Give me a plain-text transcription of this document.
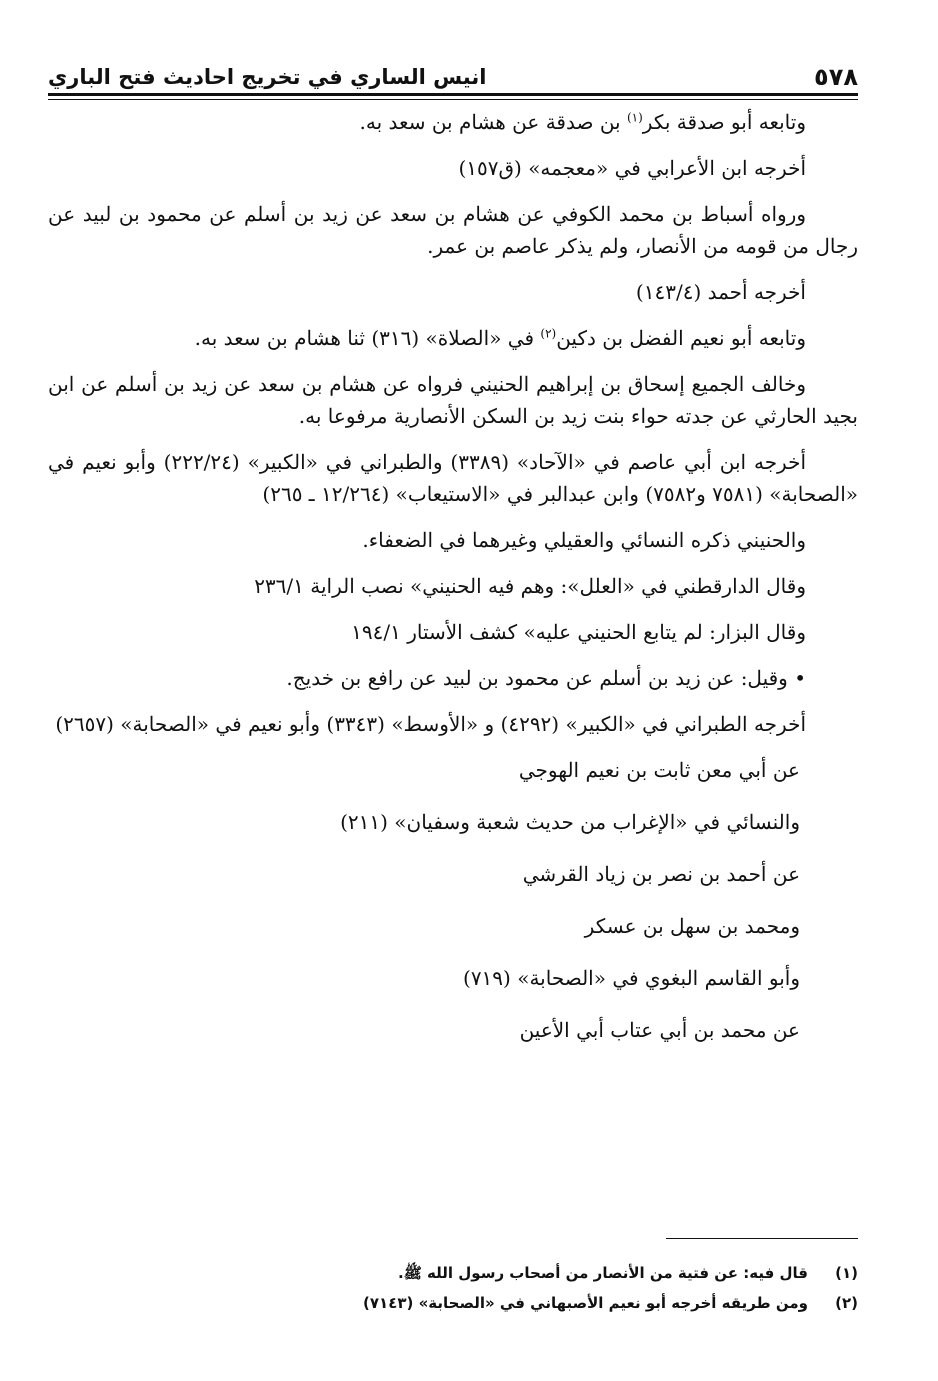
٥٧٨
انيس الساري في تخريج احاديث فتح الباري

وتابعه أبو صدقة بكر$^{(١)}$ بن صدقة عن هشام بن سعد به.

أخرجه ابن الأعرابي في «معجمه» (ق١٥٧)

ورواه أسباط بن محمد الكوفي عن هشام بن سعد عن زيد بن أسلم عن محمود بن لبيد عن رجال من قومه من الأنصار، ولم يذكر عاصم بن عمر.

أخرجه أحمد (١٤٣/٤)

وتابعه أبو نعيم الفضل بن دكين$^{(٢)}$ في «الصلاة» (٣١٦) ثنا هشام بن سعد به.

وخالف الجميع إسحاق بن إبراهيم الحنيني فرواه عن هشام بن سعد عن زيد بن أسلم عن ابن بجيد الحارثي عن جدته حواء بنت زيد بن السكن الأنصارية مرفوعا به.

أخرجه ابن أبي عاصم في «الآحاد» (٣٣٨٩) والطبراني في «الكبير» (٢٢٢/٢٤) وأبو نعيم في «الصحابة» (٧٥٨١ و٧٥٨٢) وابن عبدالبر في «الاستيعاب» (١٢/٢٦٤ ـ ٢٦٥)

والحنيني ذكره النسائي والعقيلي وغيرهما في الضعفاء.

وقال الدارقطني في «العلل»: وهم فيه الحنيني» نصب الراية ٢٣٦/١

وقال البزار: لم يتابع الحنيني عليه» كشف الأستار ١٩٤/١

• وقيل: عن زيد بن أسلم عن محمود بن لبيد عن رافع بن خديج.

أخرجه الطبراني في «الكبير» (٤٢٩٢) و «الأوسط» (٣٣٤٣) وأبو نعيم في «الصحابة» (٢٦٥٧)

عن أبي معن ثابت بن نعيم الهوجي

والنسائي في «الإغراب من حديث شعبة وسفيان» (٢١١)

عن أحمد بن نصر بن زياد القرشي

ومحمد بن سهل بن عسكر

وأبو القاسم البغوي في «الصحابة» (٧١٩)

عن محمد بن أبي عتاب أبي الأعين

(١)
قال فيه: عن فتية من الأنصار من أصحاب رسول الله ﷺ.
(٢)
ومن طريقه أخرجه أبو نعيم الأصبهاني في «الصحابة» (٧١٤٣)
